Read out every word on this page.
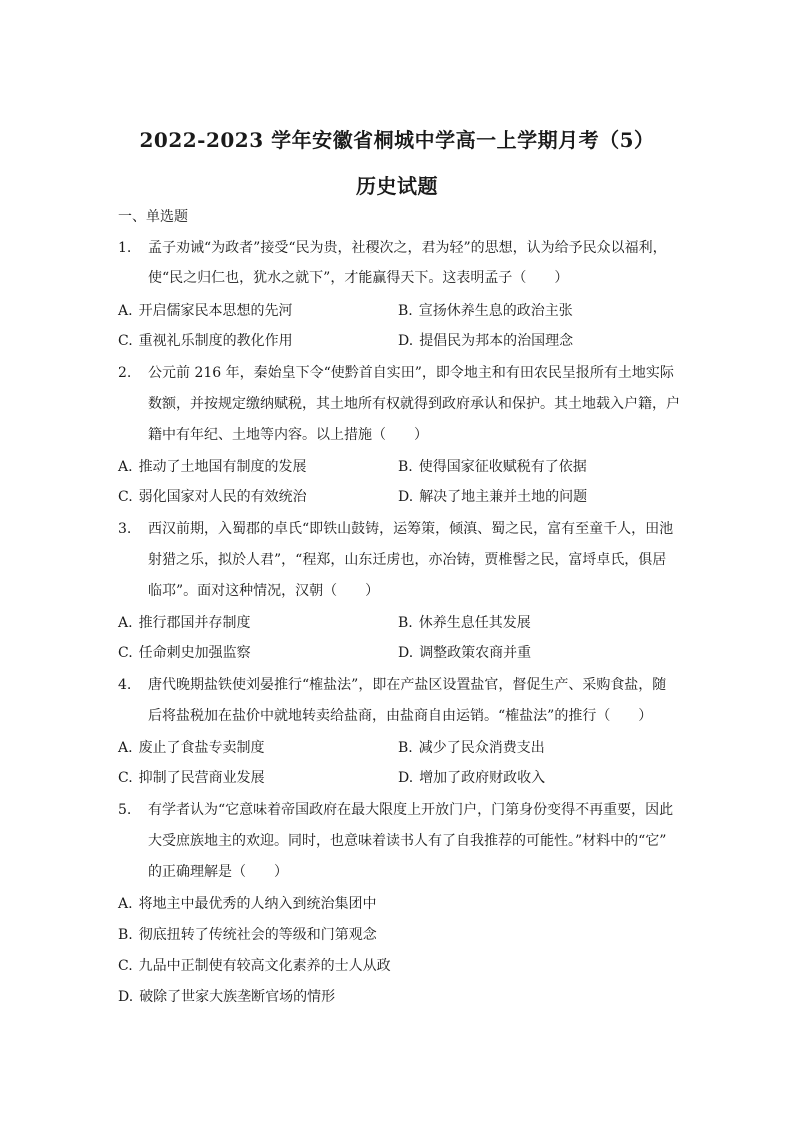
2022-2023 学年安徽省桐城中学高一上学期月考（5）
历史试题
一、单选题
1. 孟子劝诫“为政者”接受“民为贵，社稷次之，君为轻”的思想，认为给予民众以福利，
使“民之归仁也，犹水之就下”，才能赢得天下。这表明孟子（　　）
A. 开启儒家民本思想的先河	B. 宣扬休养生息的政治主张
C. 重视礼乐制度的教化作用	D. 提倡民为邦本的治国理念
2. 公元前 216 年，秦始皇下令“使黔首自实田”，即令地主和有田农民呈报所有土地实际
数额，并按规定缴纳赋税，其土地所有权就得到政府承认和保护。其土地载入户籍，户
籍中有年纪、土地等内容。以上措施（　　）
A. 推动了土地国有制度的发展	B. 使得国家征收赋税有了依据
C. 弱化国家对人民的有效统治	D. 解决了地主兼并土地的问题
3. 西汉前期，入蜀郡的卓氏“即铁山鼓铸，运筹策，倾滇、蜀之民，富有至童千人，田池
射猎之乐，拟於人君”，“程郑，山东迁虏也，亦冶铸，贾椎髻之民，富埒卓氏，俱居
临邛”。面对这种情况，汉朝（　　）
A. 推行郡国并存制度	B. 休养生息任其发展
C. 任命刺史加强监察	D. 调整政策农商并重
4. 唐代晚期盐铁使刘晏推行“榷盐法”，即在产盐区设置盐官，督促生产、采购食盐，随
后将盐税加在盐价中就地转卖给盐商，由盐商自由运销。“榷盐法”的推行（　　）
A. 废止了食盐专卖制度	B. 减少了民众消费支出
C. 抑制了民营商业发展	D. 增加了政府财政收入
5. 有学者认为“它意味着帝国政府在最大限度上开放门户，门第身份变得不再重要，因此
大受庶族地主的欢迎。同时，也意味着读书人有了自我推荐的可能性。”材料中的“它”
的正确理解是（　　）
A. 将地主中最优秀的人纳入到统治集团中
B. 彻底扭转了传统社会的等级和门第观念
C. 九品中正制使有较高文化素养的士人从政
D. 破除了世家大族垄断官场的情形
